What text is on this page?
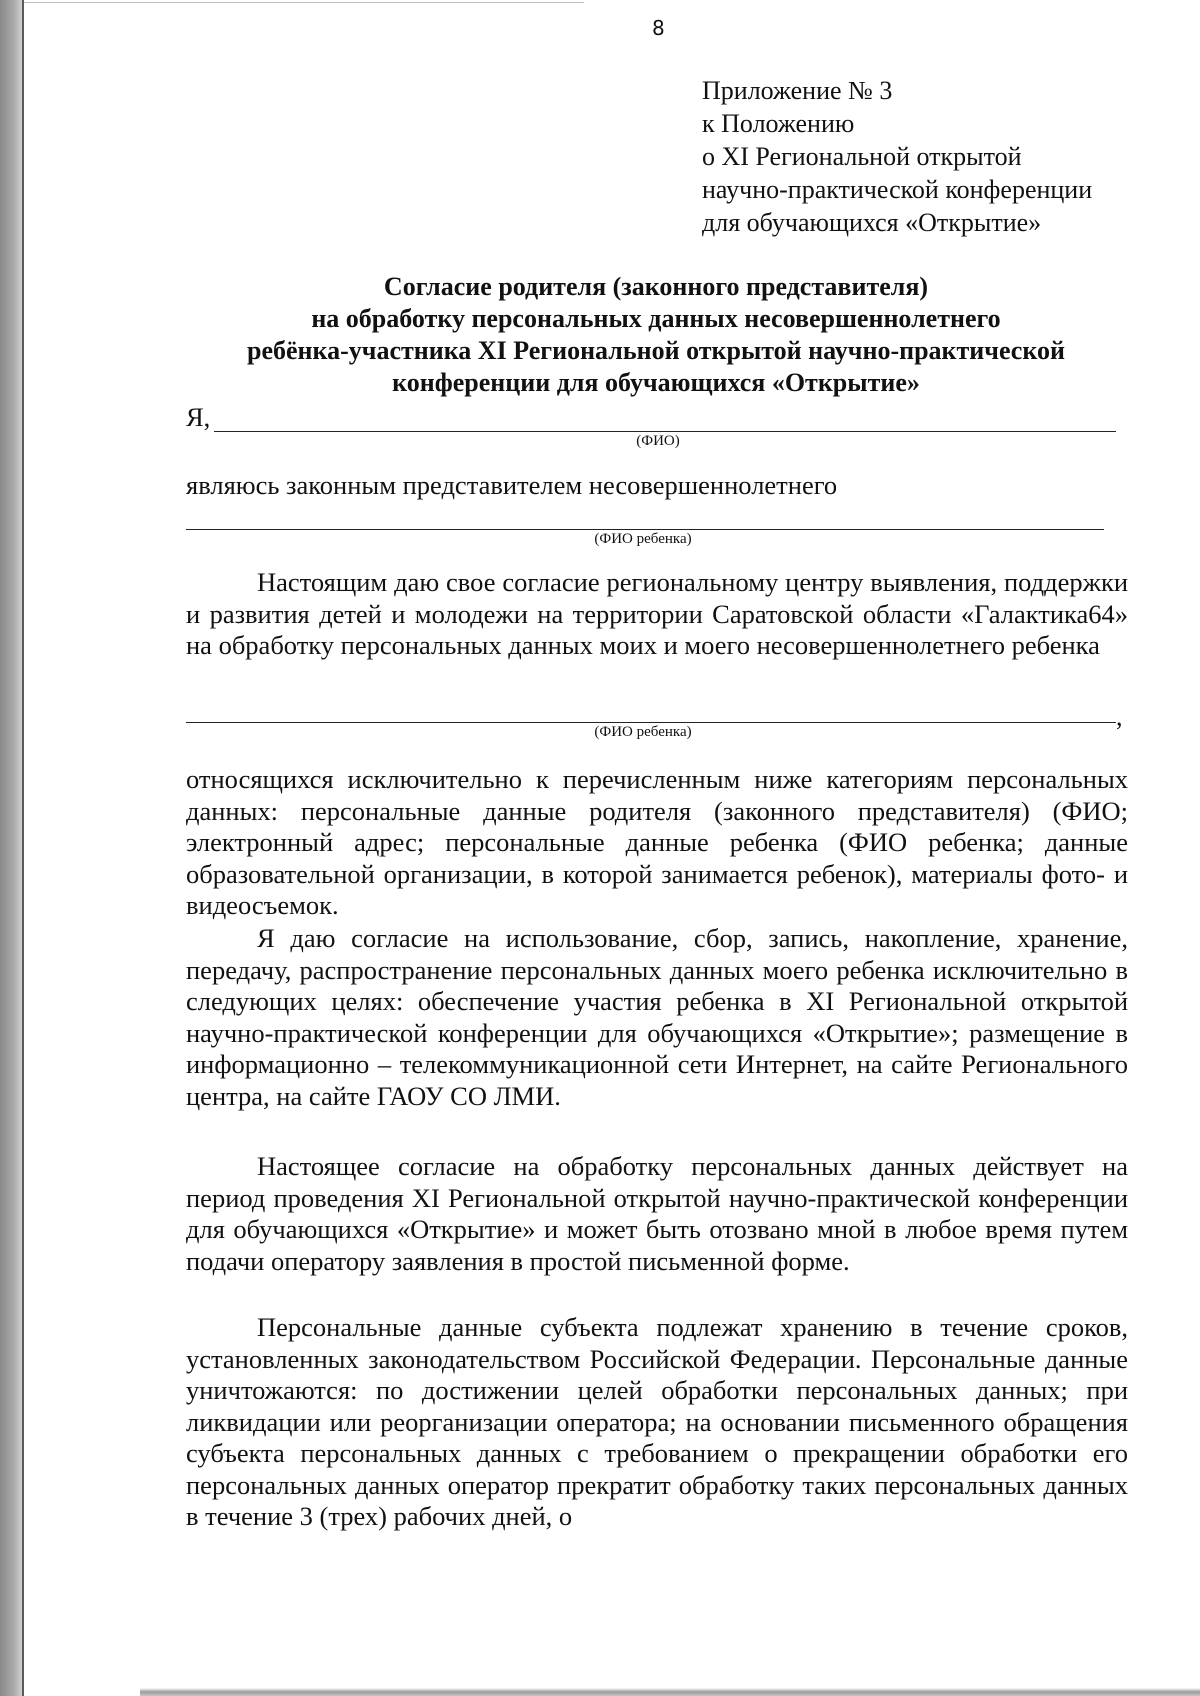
8
Приложение № 3
к Положению
о XI Региональной открытой
научно-практической конференции
для обучающихся «Открытие»
Согласие родителя (законного представителя)
на обработку персональных данных несовершеннолетнего
ребёнка-участника XI Региональной открытой научно-практической
конференции для обучающихся «Открытие»
Я,
(ФИО)
являюсь законным представителем несовершеннолетнего
(ФИО ребенка)
Настоящим даю свое согласие региональному центру выявления, поддержки и развития детей и молодежи на территории Саратовской области «Галактика64» на обработку персональных данных моих и моего несовершеннолетнего ребенка
,
(ФИО ребенка)
относящихся исключительно к перечисленным ниже категориям персональных данных: персональные данные родителя (законного представителя) (ФИО; электронный адрес; персональные данные ребенка (ФИО ребенка; данные образовательной организации, в которой занимается ребенок), материалы фото- и видеосъемок.
Я даю согласие на использование, сбор, запись, накопление, хранение, передачу, распространение персональных данных моего ребенка исключительно в следующих целях: обеспечение участия ребенка в XI Региональной открытой научно-практической конференции для обучающихся «Открытие»; размещение в информационно – телекоммуникационной сети Интернет, на сайте Регионального центра, на сайте ГАОУ СО ЛМИ.
Настоящее согласие на обработку персональных данных действует на период проведения XI Региональной открытой научно-практической конференции для обучающихся «Открытие» и может быть отозвано мной в любое время путем подачи оператору заявления в простой письменной форме.
Персональные данные субъекта подлежат хранению в течение сроков, установленных законодательством Российской Федерации. Персональные данные уничтожаются: по достижении целей обработки персональных данных; при ликвидации или реорганизации оператора; на основании письменного обращения субъекта персональных данных с требованием о прекращении обработки его персональных данных оператор прекратит обработку таких персональных данных в течение 3 (трех) рабочих дней, о
